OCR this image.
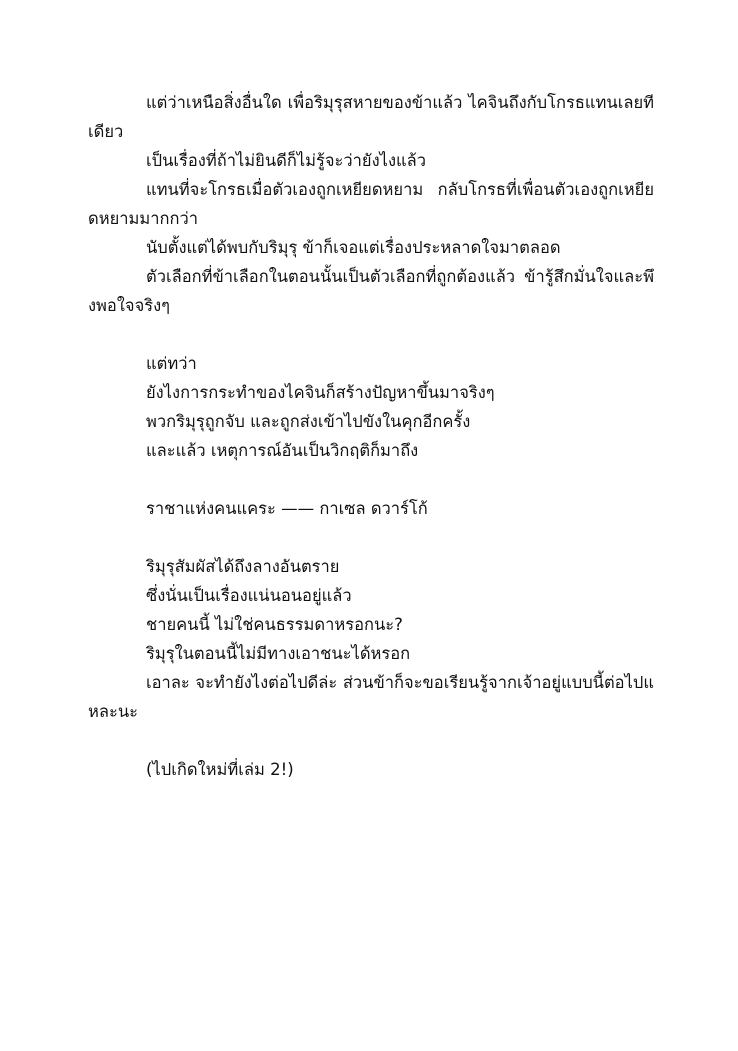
แต่ว่าเหนือสิ่งอื่นใด เพื่อริมุรุสหายของข้าแล้ว ไคจินถึงกับโกรธแทนเลยทีเดียว

เป็นเรื่องที่ถ้าไม่ยินดีก็ไม่รู้จะว่ายังไงแล้ว

แทนที่จะโกรธเมื่อตัวเองถูกเหยียดหยาม กลับโกรธที่เพื่อนตัวเองถูกเหยียดหยามมากกว่า

นับตั้งแต่ได้พบกับริมุรุ ข้าก็เจอแต่เรื่องประหลาดใจมาตลอด

ตัวเลือกที่ข้าเลือกในตอนนั้นเป็นตัวเลือกที่ถูกต้องแล้ว ข้ารู้สึกมั่นใจและพึงพอใจจริงๆ

แต่ทว่า

ยังไงการกระทำของไคจินก็สร้างปัญหาขึ้นมาจริงๆ

พวกริมุรุถูกจับ และถูกส่งเข้าไปขังในคุกอีกครั้ง

และแล้ว เหตุการณ์อันเป็นวิกฤติก็มาถึง

ราชาแห่งคนแคระ —— กาเซล ดวาร์โก้

ริมุรุสัมผัสได้ถึงลางอันตราย

ซึ่งนั่นเป็นเรื่องแน่นอนอยู่แล้ว

ชายคนนี้ ไม่ใช่คนธรรมดาหรอกนะ?

ริมุรุในตอนนี้ไม่มีทางเอาชนะได้หรอก

เอาละ จะทำยังไงต่อไปดีล่ะ ส่วนข้าก็จะขอเรียนรู้จากเจ้าอยู่แบบนี้ต่อไปแหละนะ

(ไปเกิดใหม่ที่เล่ม 2!)
